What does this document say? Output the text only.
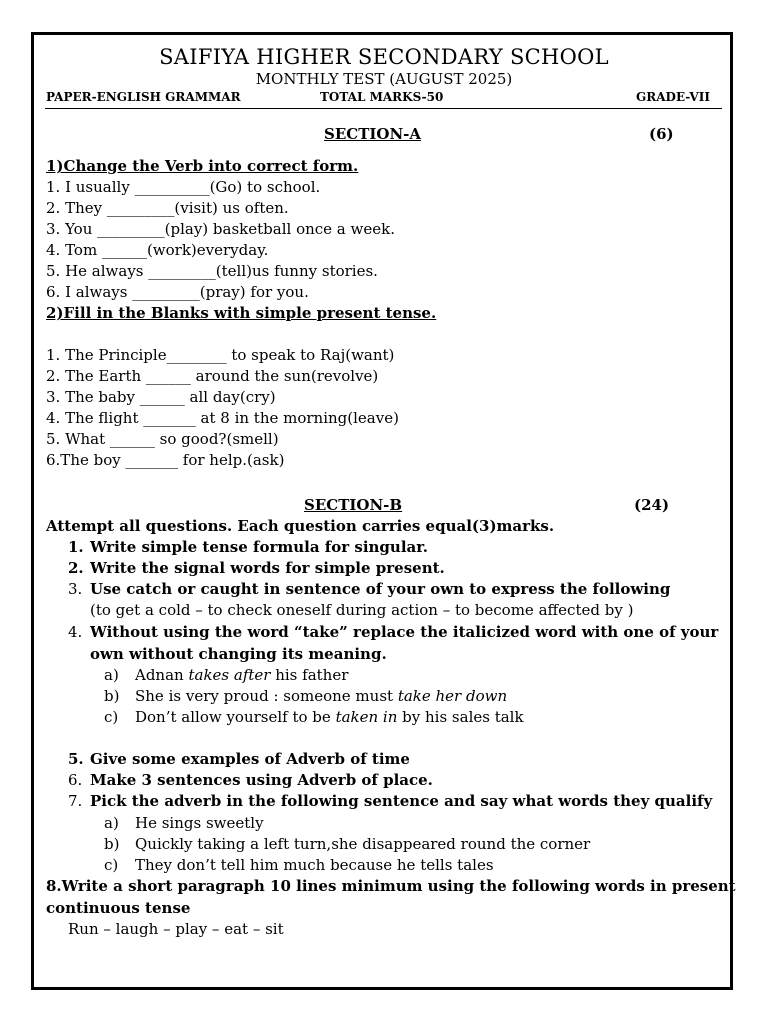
SAIFIYA HIGHER SECONDARY SCHOOL
MONTHLY TEST (AUGUST 2025)
PAPER-ENGLISH GRAMMAR	TOTAL MARKS-50	GRADE-VII
SECTION-A	(6)
1)Change the Verb into correct form.
1. I usually __________(Go) to school.
2. They _________(visit) us often.
3. You _________(play) basketball once a week.
4. Tom ______(work)everyday.
5. He always _________(tell)us funny stories.
6. I always _________(pray) for you.
2)Fill in the Blanks with simple present tense.
1. The Principle________ to speak to Raj(want)
2. The Earth ______ around the sun(revolve)
3. The baby ______ all day(cry)
4. The flight _______ at 8 in the morning(leave)
5. What ______ so good?(smell)
6.The boy _______ for help.(ask)
SECTION-B	(24)
Attempt all questions. Each question carries equal(3)marks.
1. Write simple tense formula for singular.
2. Write the signal words for simple present.
3. Use catch or caught in sentence of your own to express the following
(to get a cold – to check oneself during action – to become affected by )
4. Without using the word “take” replace the italicized word with one of your
own without changing its meaning.
a) Adnan takes after his father
b) She is very proud : someone must take her down
c) Don’t allow yourself to be taken in by his sales talk
5. Give some examples of Adverb of time
6. Make 3 sentences using Adverb of place.
7. Pick the adverb in the following sentence and say what words they qualify
a) He sings sweetly
b) Quickly taking a left turn,she disappeared round the corner
c) They don’t tell him much because he tells tales
8.Write a short paragraph 10 lines minimum using the following words in present
continuous tense
Run – laugh – play – eat – sit
